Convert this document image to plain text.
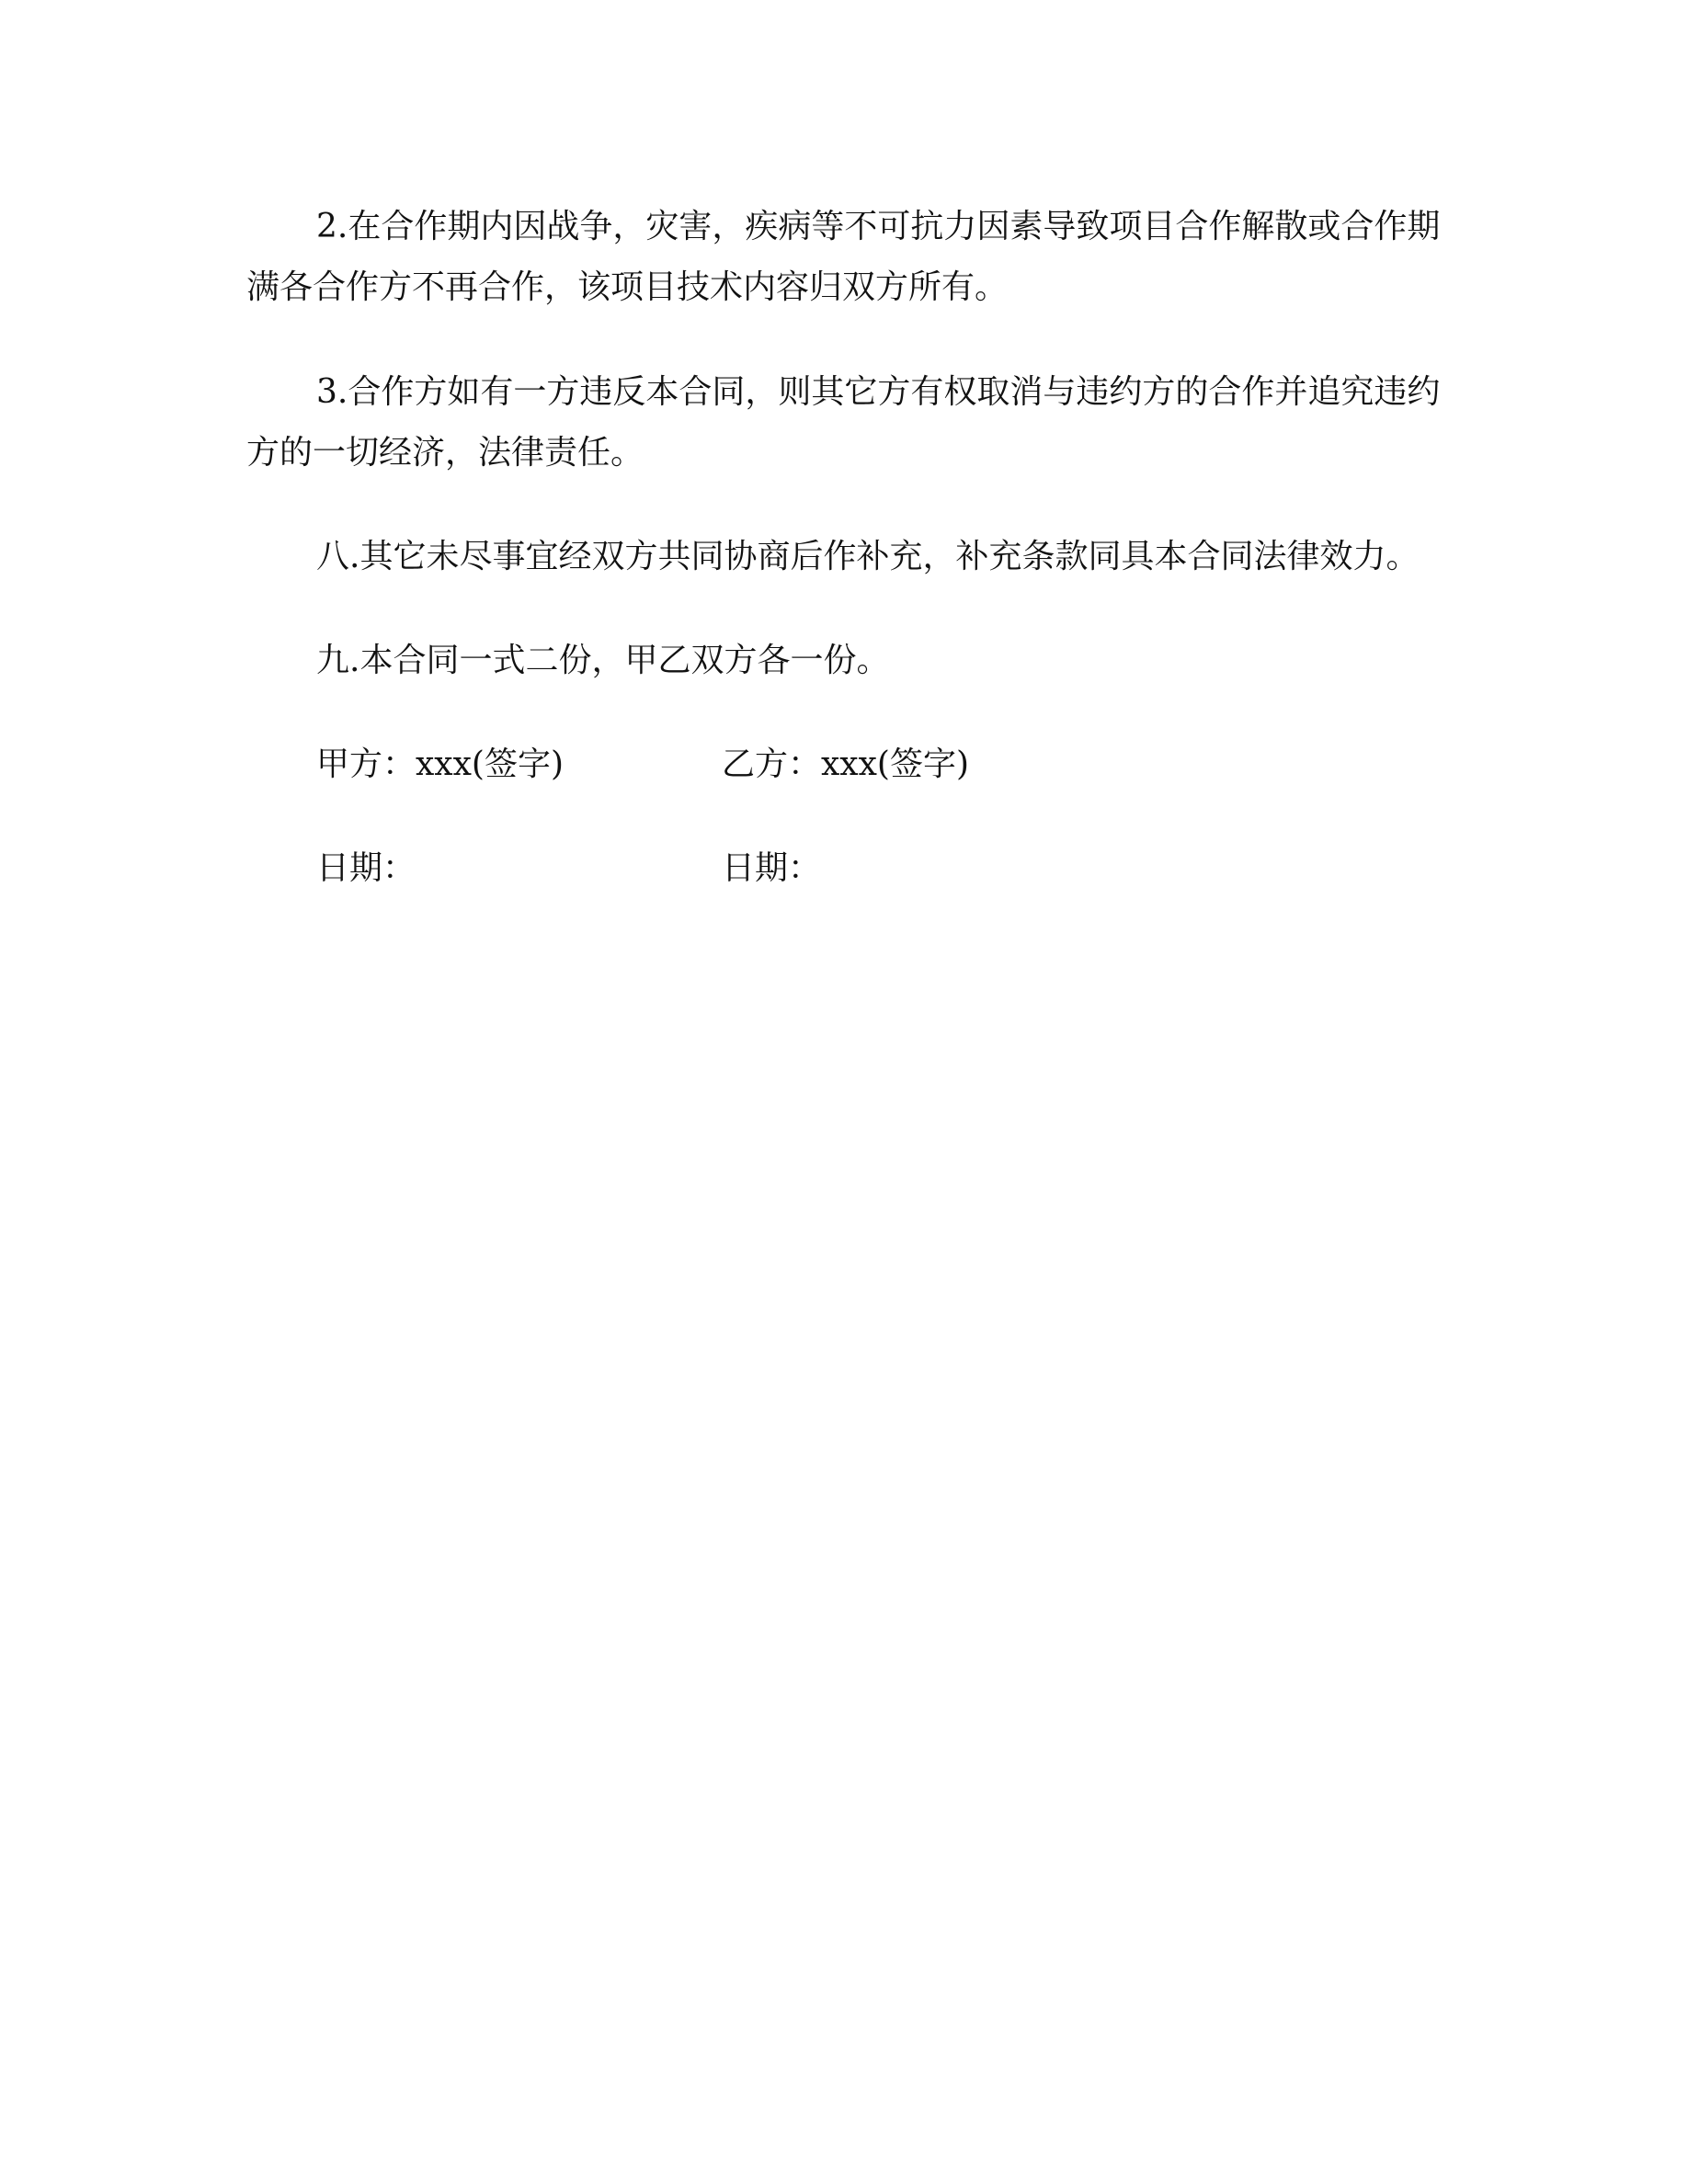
2.在合作期内因战争，灾害，疾病等不可抗力因素导致项目合作解散或合作期满各合作方不再合作，该项目技术内容归双方所有。

3.合作方如有一方违反本合同，则其它方有权取消与违约方的合作并追究违约方的一切经济，法律责任。

八.其它未尽事宜经双方共同协商后作补充，补充条款同具本合同法律效力。

九.本合同一式二份，甲乙双方各一份。

甲方：xxx(签字)	乙方：xxx(签字)
日期：	日期：
